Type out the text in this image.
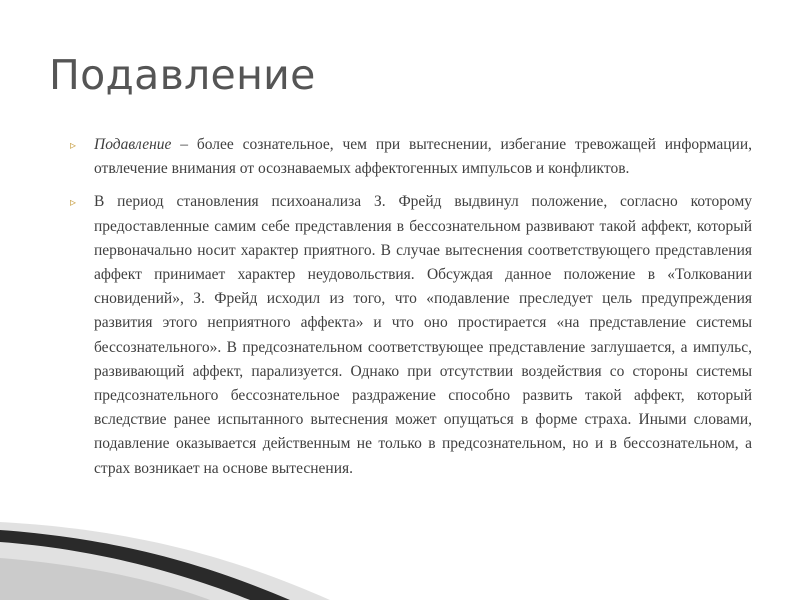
Подавление
▹	Подавление – более сознательное, чем при вытеснении, избегание тревожащей информации, отвлечение внимания от осознаваемых аффектогенных импульсов и конфликтов.
▹	В период становления психоанализа З. Фрейд выдвинул положение, согласно которому предоставленные самим себе представления в бессознательном развивают такой аффект, который первоначально носит характер приятного. В случае вытеснения соответствующего представления аффект принимает характер неудовольствия. Обсуждая данное положение в «Толковании сновидений», З. Фрейд исходил из того, что «подавление преследует цель предупреждения развития этого неприятного аффекта» и что оно простирается «на представление системы бессознательного». В предсознательном соответствующее представление заглушается, а импульс, развивающий аффект, парализуется. Однако при отсутствии воздействия со стороны системы предсознательного бессознательное раздражение способно развить такой аффект, который вследствие ранее испытанного вытеснения может опущаться в форме страха. Иными словами, подавление оказывается действенным не только в предсознательном, но и в бессознательном, а страх возникает на основе вытеснения.
